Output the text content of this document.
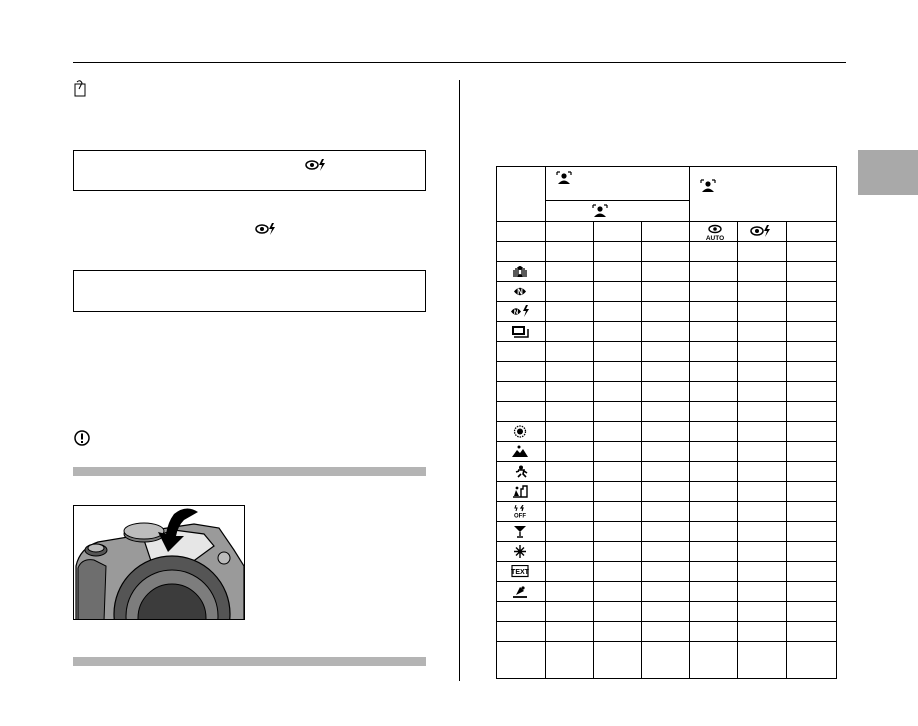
AUTO
N
N
OFF
TEXT
